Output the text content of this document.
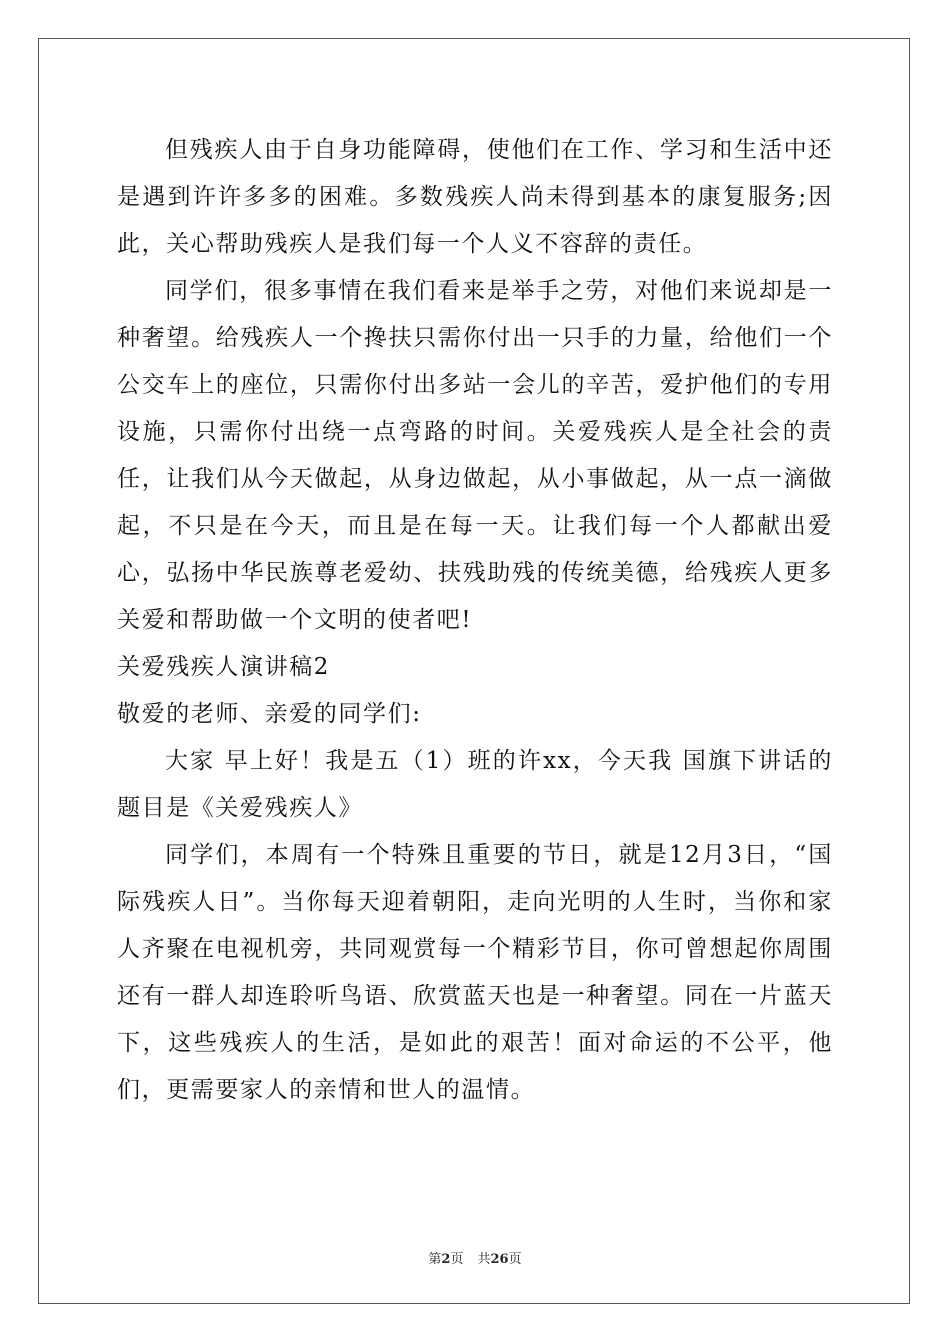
但残疾人由于自身功能障碍，使他们在工作、学习和生活中还是遇到许许多多的困难。多数残疾人尚未得到基本的康复服务;因此，关心帮助残疾人是我们每一个人义不容辞的责任。

同学们，很多事情在我们看来是举手之劳，对他们来说却是一种奢望。给残疾人一个搀扶只需你付出一只手的力量，给他们一个公交车上的座位，只需你付出多站一会儿的辛苦，爱护他们的专用设施，只需你付出绕一点弯路的时间。关爱残疾人是全社会的责任，让我们从今天做起，从身边做起，从小事做起，从一点一滴做起，不只是在今天，而且是在每一天。让我们每一个人都献出爱心，弘扬中华民族尊老爱幼、扶残助残的传统美德，给残疾人更多关爱和帮助做一个文明的使者吧!

关爱残疾人演讲稿2

敬爱的老师、亲爱的同学们:

大家 早上好！我是五（1）班的许xx，今天我 国旗下讲话的题目是《关爱残疾人》

同学们，本周有一个特殊且重要的节日，就是12月3日，“国际残疾人日”。当你每天迎着朝阳，走向光明的人生时，当你和家人齐聚在电视机旁，共同观赏每一个精彩节目，你可曾想起你周围还有一群人却连聆听鸟语、欣赏蓝天也是一种奢望。同在一片蓝天下，这些残疾人的生活，是如此的艰苦！面对命运的不公平，他们，更需要家人的亲情和世人的温情。

第2页 共26页
